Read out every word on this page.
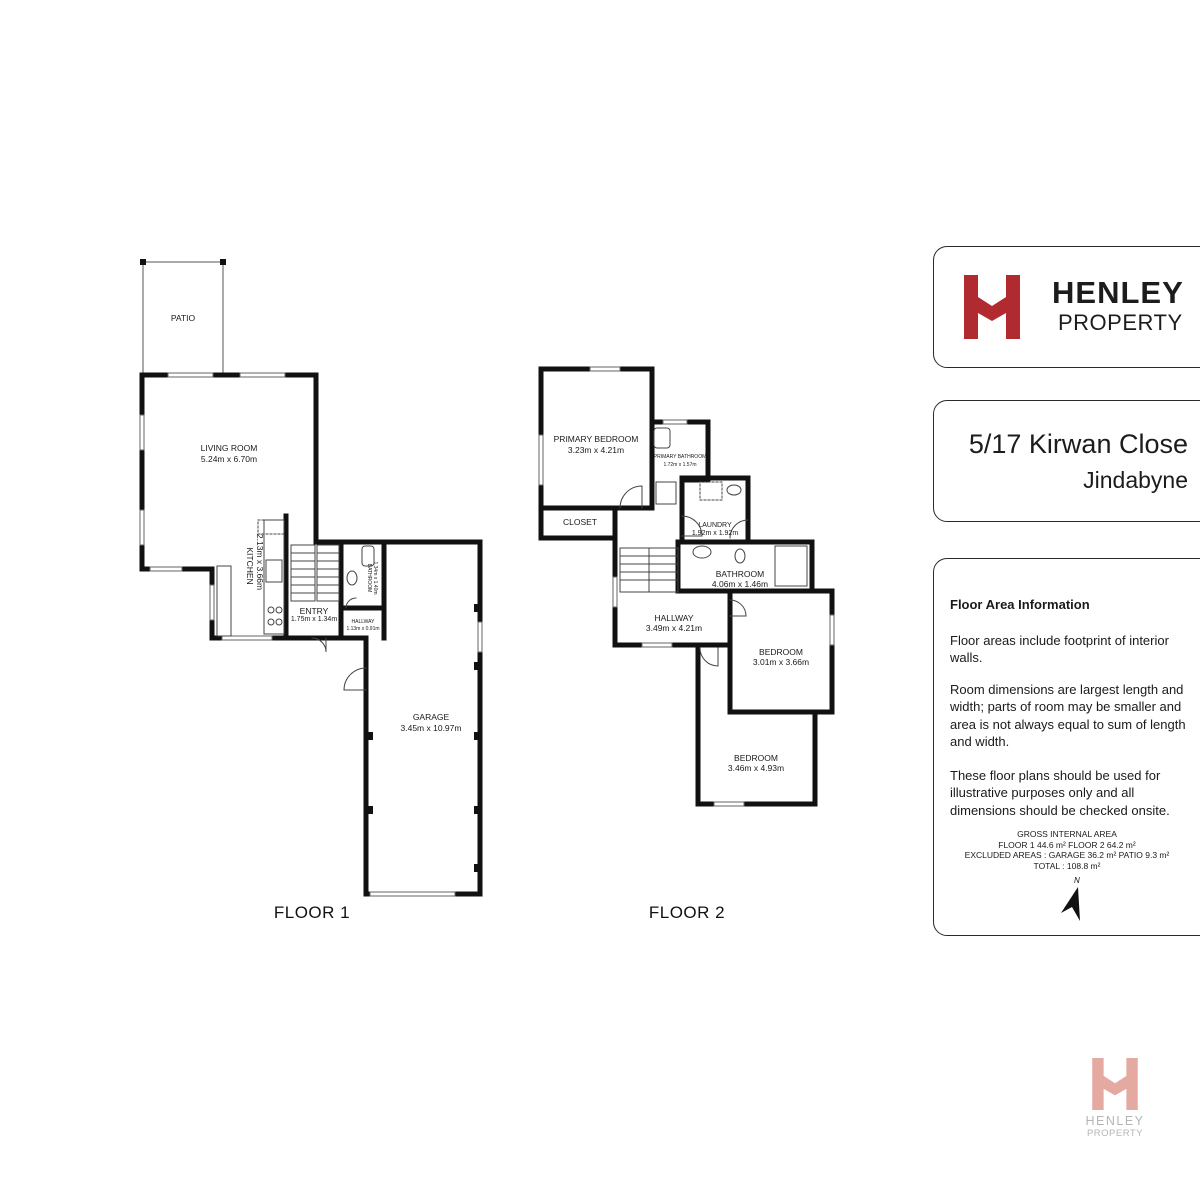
PATIO
LIVING ROOM
5.24m x 6.70m
KITCHEN 2.13m x 3.66m
ENTRY
1.75m x 1.34m
BATHROOM 1.34m x 1.40m
HALLWAY
1.13m x 0.91m
GARAGE
3.45m x 10.97m
FLOOR 1
PRIMARY BEDROOM
3.23m x 4.21m
PRIMARY BATHROOM
1.72m x 1.57m
CLOSET	LAUNDRY
1.92m x 1.92m
BATHROOM
4.06m x 1.46m
HALLWAY
3.49m x 4.21m
BEDROOM
3.01m x 3.66m
BEDROOM
3.46m x 4.93m
FLOOR 2
HENLEY
PROPERTY
5/17 Kirwan Close
Jindabyne
Floor Area Information
Floor areas include footprint of interior walls.
Room dimensions are largest length and width; parts of room may be smaller and area is not always equal to sum of length and width.
These floor plans should be used for illustrative purposes only and all dimensions should be checked onsite.
GROSS INTERNAL AREA
FLOOR 1 44.6 m² FLOOR 2 64.2 m²
EXCLUDED AREAS : GARAGE 36.2 m² PATIO 9.3 m²
TOTAL : 108.8 m²
N
HENLEY
PROPERTY
